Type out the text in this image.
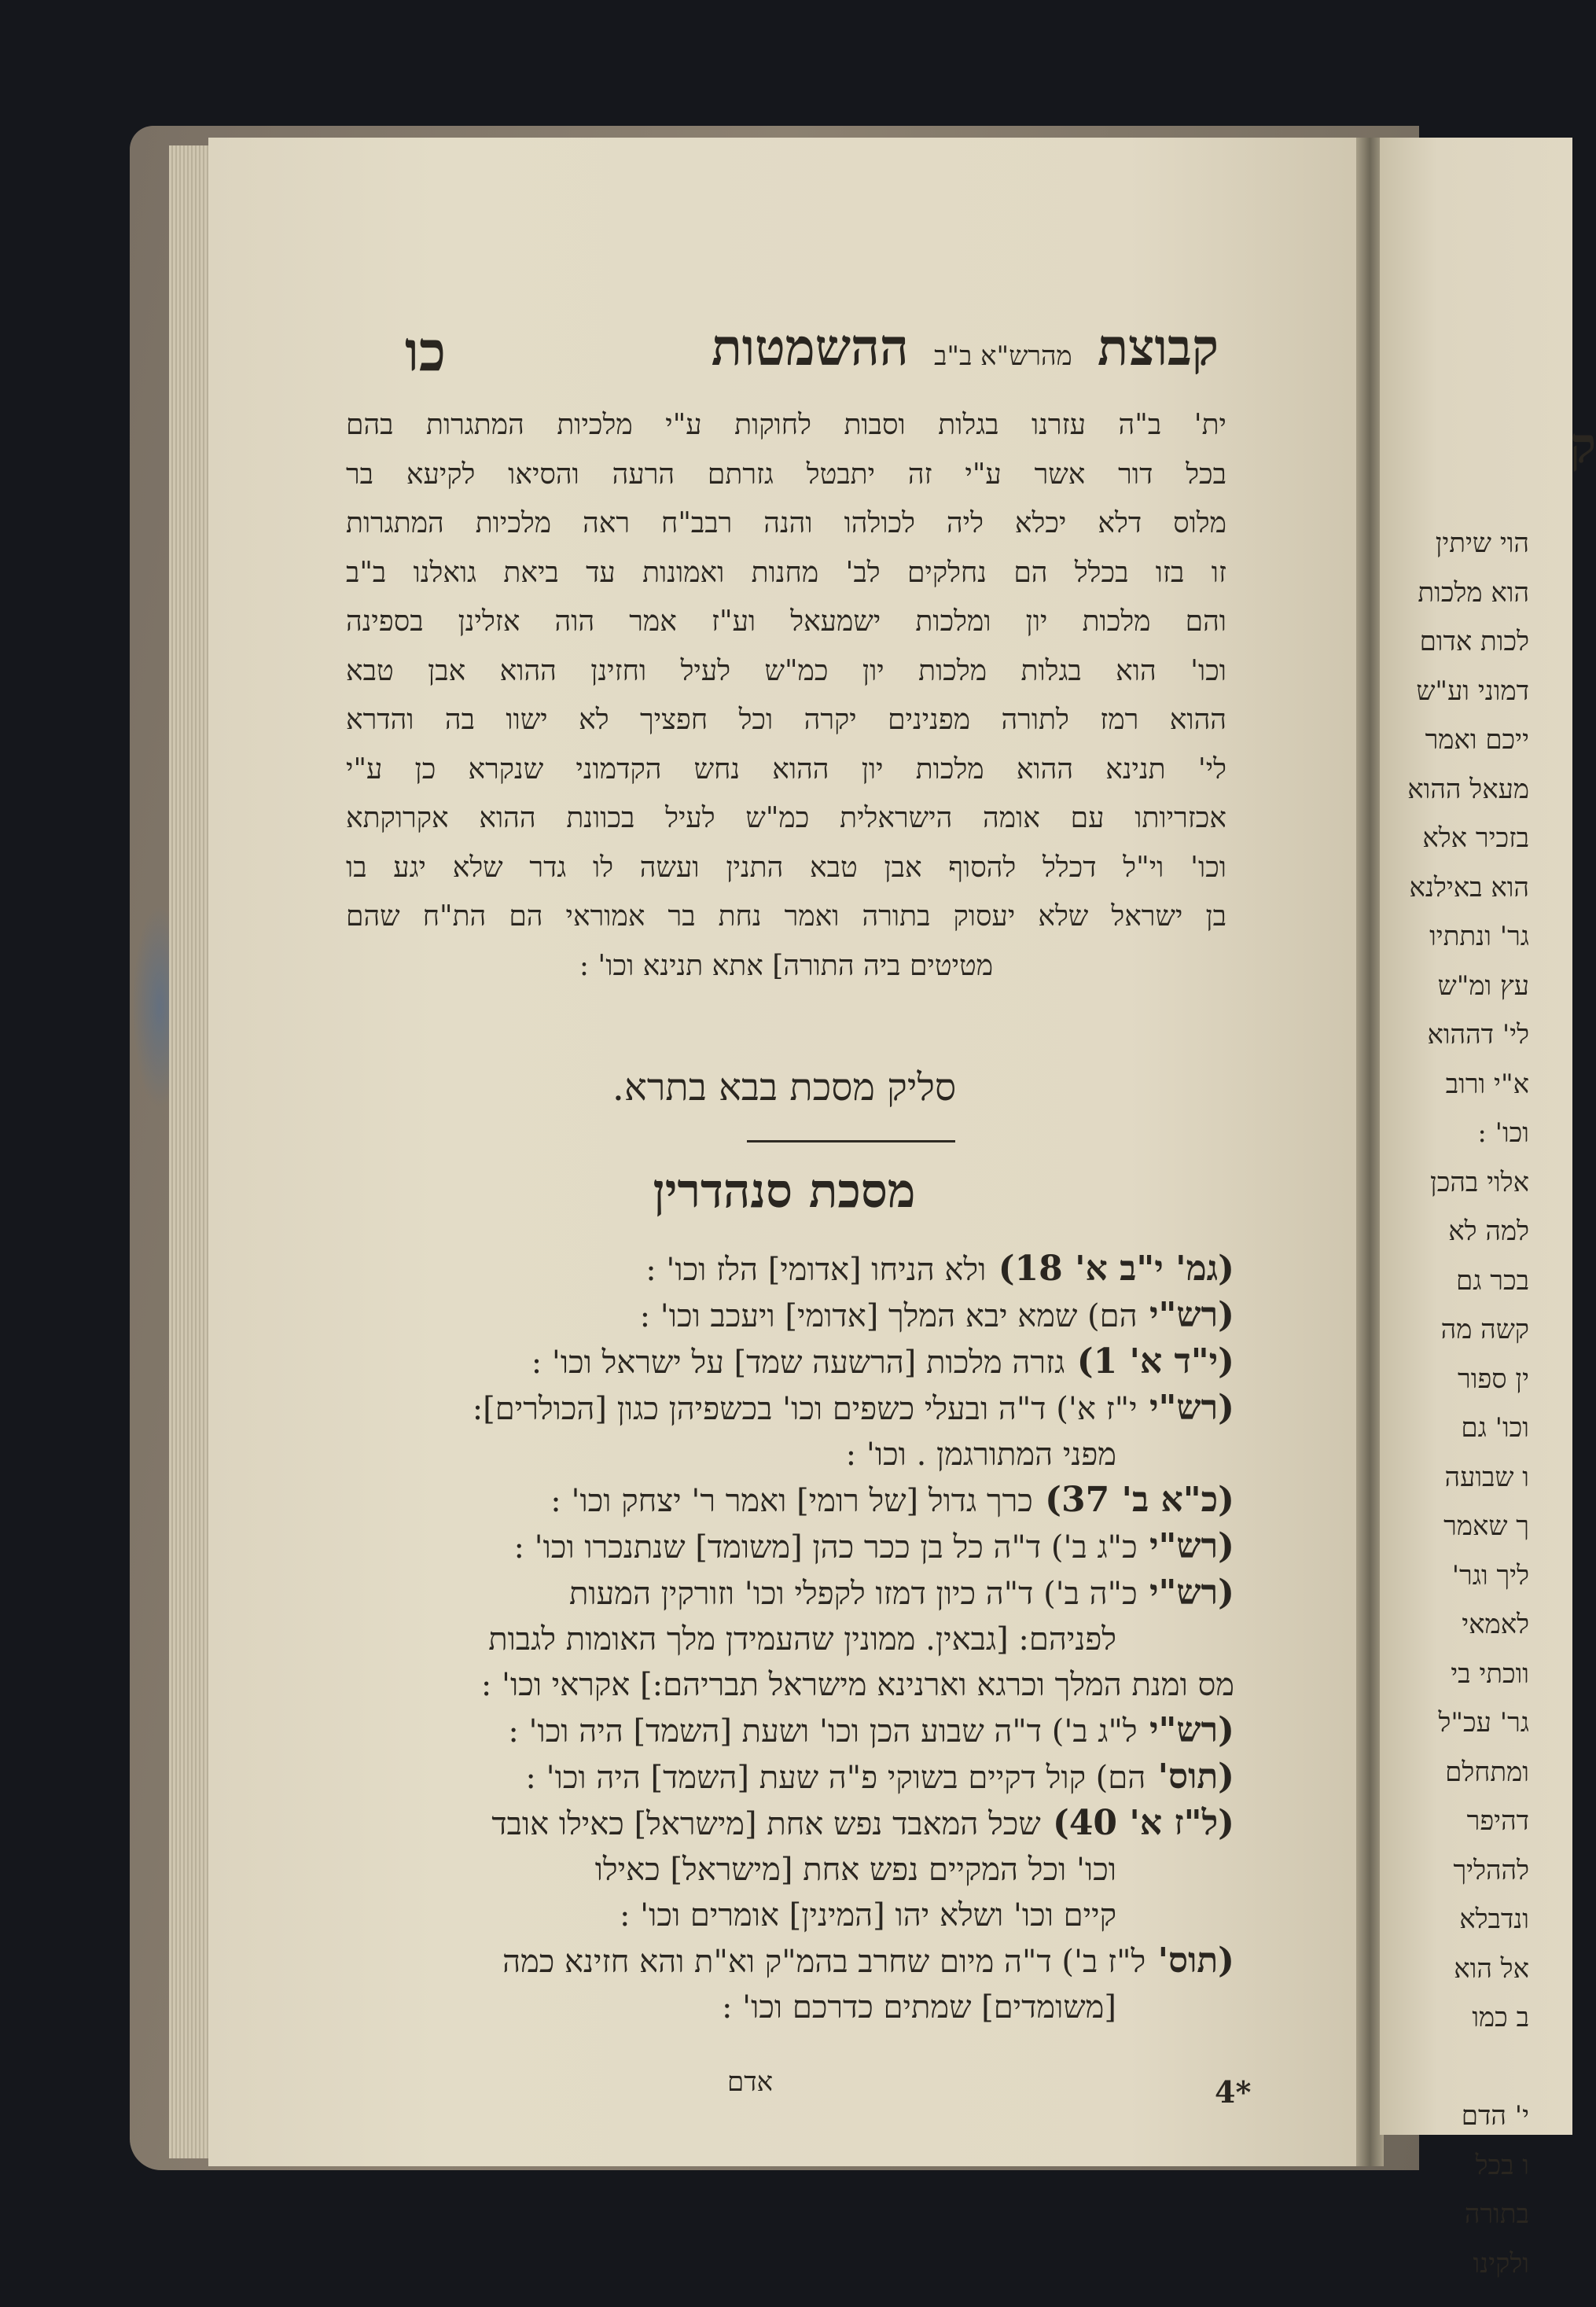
קבוצת מהרש"א ב"ב ההשמטות
כו
ית' ב"ה עזרנו בגלות וסבות לחוקות ע"י מלכיות המתגרות בהם
בכל דור אשר ע"י זה יתבטל גזרתם הרעה והסיאו לקיעא בר
מלוס דלא יכלא ליה לכולהו והנה רבב"ח ראה מלכיות המתגרות
זו בזו בכלל הם נחלקים לב' מחנות ואמונות עד ביאת גואלנו ב"ב
והם מלכות יון ומלכות ישמעאל וע"ז אמר הוה אזלינן בספינה
וכו' הוא בגלות מלכות יון כמ"ש לעיל וחזינן ההוא אבן טבא
ההוא רמז לתורה מפנינים יקרה וכל חפציך לא ישוו בה והדרא
לי' תנינא ההוא מלכות יון ההוא נחש הקדמוני שנקרא כן ע"י
אכזריותו עם אומה הישראלית כמ"ש לעיל בכוונת ההוא אקרוקתא
וכו' וי"ל דכלל להסוף אבן טבא התנין ועשה לו גדר שלא יגע בו
בן ישראל שלא יעסוק בתורה ואמר נחת בר אמוראי הם הת"ח שהם
מטיטים ביה התורה] אתא תנינא וכו' :
סליק מסכת בבא בתרא.
מסכת סנהדרין
(גמ' י"ב א' 18) ולא הניחו [אדומי] הלז וכו' :
(רש"י הם) שמא יבא המלך [אדומי] ויעכב וכו' :
(י"ד א' 1) גזרה מלכות [הרשעה שמד] על ישראל וכו' :
(רש"י י"ז א') ד"ה ובעלי כשפים וכו' בכשפיהן כגון [הכולרים]:
מפני המתורגמן . וכו' :
(כ"א ב' 37) כרך גדול [של רומי] ואמר ר' יצחק וכו' :
(רש"י כ"ג ב') ד"ה כל בן ככר כהן [משומד] שנתנכרו וכו' :
(רש"י כ"ה ב') ד"ה כיון דמזו לקפלי וכו' וזורקין המעות
לפניהם: [גבאין. ממונין שהעמידן מלך האומות לגבות
מס ומנת המלך וכרגא וארנינא מישראל תבריהם:] אקראי וכו' :
(רש"י ל"ג ב') ד"ה שבוע הכן וכו' ושעת [השמד] היה וכו' :
(תוס' הם) קול דקיים בשוקי פ"ה שעת [השמד] היה וכו' :
(ל"ז א' 40) שכל המאבד נפש אחת [מישראל] כאילו אובד
וכו' וכל המקיים נפש אחת [מישראל] כאילו
קיים וכו' ושלא יהו [המינין] אומרים וכו' :
(תוס' ל"ז ב') ד"ה מיום שחרב בהמ"ק וא"ת והא חזינא כמה
[משומדים] שמתים כדרכם וכו' :
אדם	4*
ק
הוי שיתין
הוא מלכות
לכות אדום
דמוני וע"ש
ייכם ואמר
מעאל ההוא
בזכיר אלא
הוא באילנא
גר' ונתתיו
עץ ומ"ש
לי' דההוא
א"י ורוב
וכו' :
אלוי בהכן
למה לא
בכר גם
קשה מה
ין ספור
וכו' גם
ו שבועה
ך שאמר
ליך וגר'
לאמאי
ווכתי בי
גר' עכ"ל
ומתחלם
דהיפר
לההליך
ונדבלא
אל הוא
ב כמו

י' הדם
ו בכל
בתורה
ולקינו
